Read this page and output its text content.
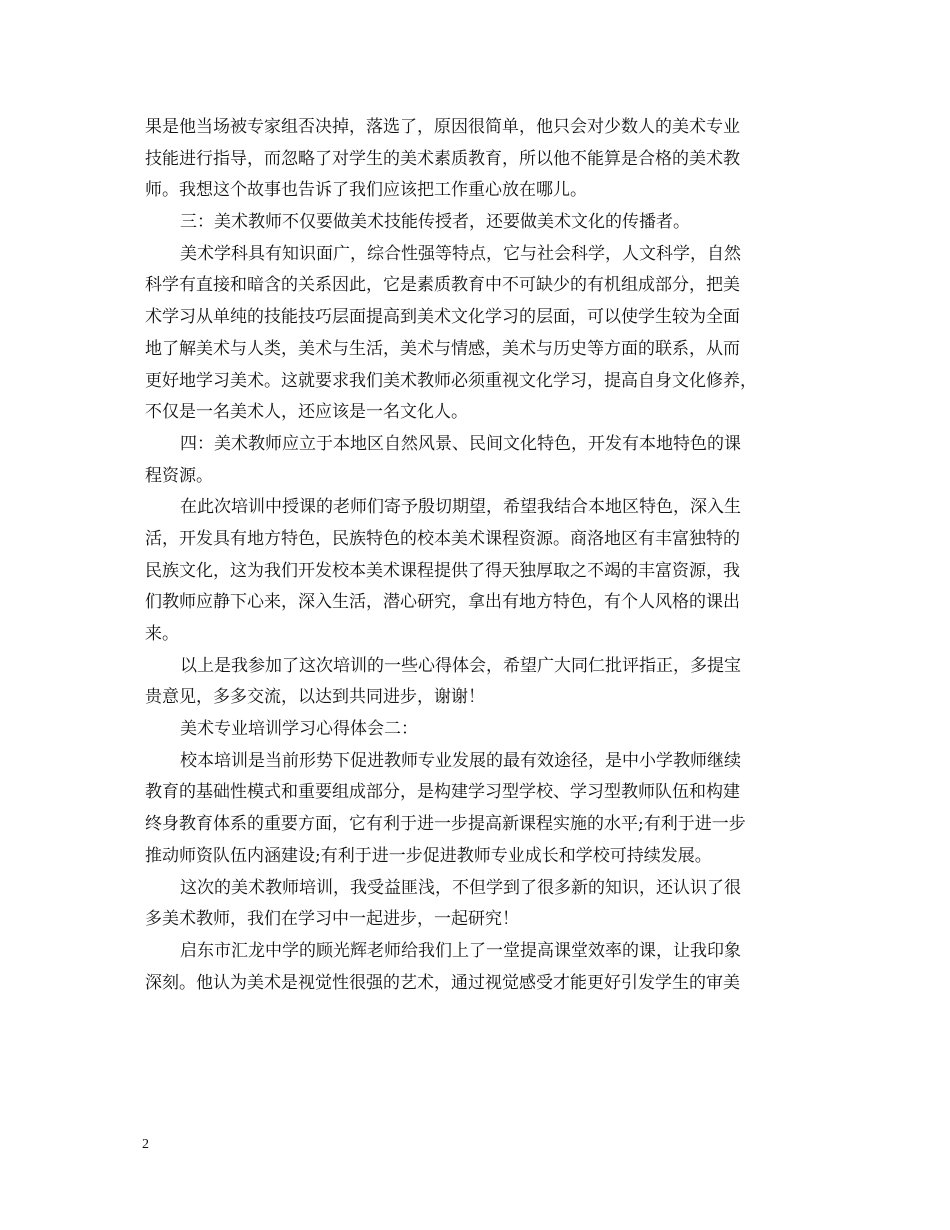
果是他当场被专家组否决掉，落选了，原因很简单，他只会对少数人的美术专业
技能进行指导，而忽略了对学生的美术素质教育，所以他不能算是合格的美术教
师。我想这个故事也告诉了我们应该把工作重心放在哪儿。
三：美术教师不仅要做美术技能传授者，还要做美术文化的传播者。
美术学科具有知识面广，综合性强等特点，它与社会科学，人文科学，自然
科学有直接和暗含的关系因此，它是素质教育中不可缺少的有机组成部分，把美
术学习从单纯的技能技巧层面提高到美术文化学习的层面，可以使学生较为全面
地了解美术与人类，美术与生活，美术与情感，美术与历史等方面的联系，从而
更好地学习美术。这就要求我们美术教师必须重视文化学习，提高自身文化修养，
不仅是一名美术人，还应该是一名文化人。
四：美术教师应立于本地区自然风景、民间文化特色，开发有本地特色的课
程资源。
在此次培训中授课的老师们寄予殷切期望，希望我结合本地区特色，深入生
活，开发具有地方特色，民族特色的校本美术课程资源。商洛地区有丰富独特的
民族文化，这为我们开发校本美术课程提供了得天独厚取之不竭的丰富资源，我
们教师应静下心来，深入生活，潜心研究，拿出有地方特色，有个人风格的课出
来。
以上是我参加了这次培训的一些心得体会，希望广大同仁批评指正，多提宝
贵意见，多多交流，以达到共同进步，谢谢！
美术专业培训学习心得体会二：
校本培训是当前形势下促进教师专业发展的最有效途径，是中小学教师继续
教育的基础性模式和重要组成部分，是构建学习型学校、学习型教师队伍和构建
终身教育体系的重要方面，它有利于进一步提高新课程实施的水平;有利于进一步
推动师资队伍内涵建设;有利于进一步促进教师专业成长和学校可持续发展。
这次的美术教师培训，我受益匪浅，不但学到了很多新的知识，还认识了很
多美术教师，我们在学习中一起进步，一起研究！
启东市汇龙中学的顾光辉老师给我们上了一堂提高课堂效率的课，让我印象
深刻。他认为美术是视觉性很强的艺术，通过视觉感受才能更好引发学生的审美
2
